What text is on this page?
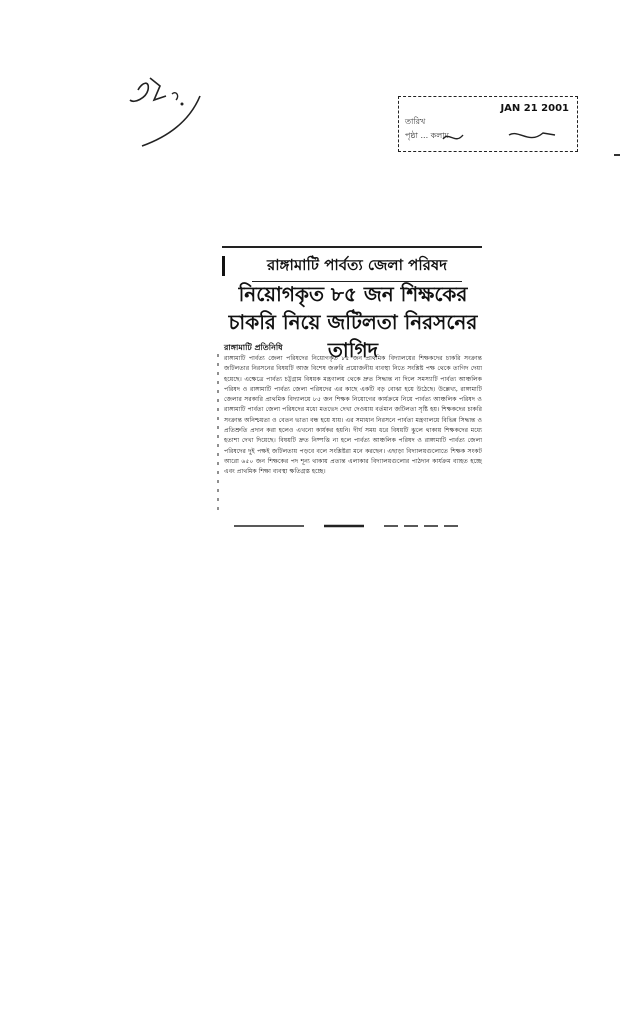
JAN 21 2001
তারিখ
পৃষ্ঠা ... কলাম
রাঙ্গামাটি পার্বত্য জেলা পরিষদ
নিয়োগকৃত ৮৫ জন শিক্ষকের চাকরি নিয়ে জটিলতা নিরসনের তাগিদ
রাঙ্গামাটি প্রতিনিধি
রাঙ্গামাটি পার্বত্য জেলা পরিষদের নিয়োগকৃত ৮৫ জন প্রাথমিক বিদ্যালয়ের শিক্ষকদের চাকরি সংক্রান্ত জটিলতার নিরসনের বিষয়টি আজ বিশেষ জরুরি প্রয়োজনীয় ব্যবস্থা নিতে সংশ্লিষ্ট পক্ষ থেকে তাগিদ দেয়া হয়েছে। এক্ষেত্রে পার্বত্য চট্টগ্রাম বিষয়ক মন্ত্রণালয় থেকে দ্রুত সিদ্ধান্ত না দিলে সমস্যাটি পার্বত্য আঞ্চলিক পরিষদ ও রাঙ্গামাটি পার্বত্য জেলা পরিষদের এর কাছে একটি বড় বোঝা হয়ে উঠেছে। উল্লেখ্য, রাঙ্গামাটি জেলার সরকারি প্রাথমিক বিদ্যালয়ে ৮৫ জন শিক্ষক নিয়োগের কার্যক্রমে নিয়ে পার্বত্য আঞ্চলিক পরিষদ ও রাঙ্গামাটি পার্বত্য জেলা পরিষদের মধ্যে মতভেদ দেখা দেওয়ায় বর্তমান জটিলতা সৃষ্টি হয়। শিক্ষকদের চাকরি সংক্রান্ত অনিশ্চয়তা ও বেতন ভাতা বন্ধ হয়ে যায়। এর সমাধান নিরসনে পার্বত্য মন্ত্রণালয়ে বিভিন্ন সিদ্ধান্ত ও প্রতিশ্রুতি প্রদান করা হলেও এখনো কার্যকর হয়নি। দীর্ঘ সময় ধরে বিষয়টি ঝুলে থাকায় শিক্ষকদের মধ্যে হতাশা দেখা দিয়েছে। বিষয়টি দ্রুত নিষ্পত্তি না হলে পার্বত্য আঞ্চলিক পরিষদ ও রাঙ্গামাটি পার্বত্য জেলা পরিষদের দুই পক্ষই জটিলতায় পড়বে বলে সংশ্লিষ্টরা মনে করছেন। এছাড়া বিদ্যালয়গুলোতে শিক্ষক সংকট আরো ৬৫০ জন শিক্ষকের পদ শূন্য থাকায় প্রত্যন্ত এলাকার বিদ্যালয়গুলোর পাঠদান কার্যক্রম ব্যাহত হচ্ছে এবং প্রাথমিক শিক্ষা ব্যবস্থা ক্ষতিগ্রস্ত হচ্ছে।
